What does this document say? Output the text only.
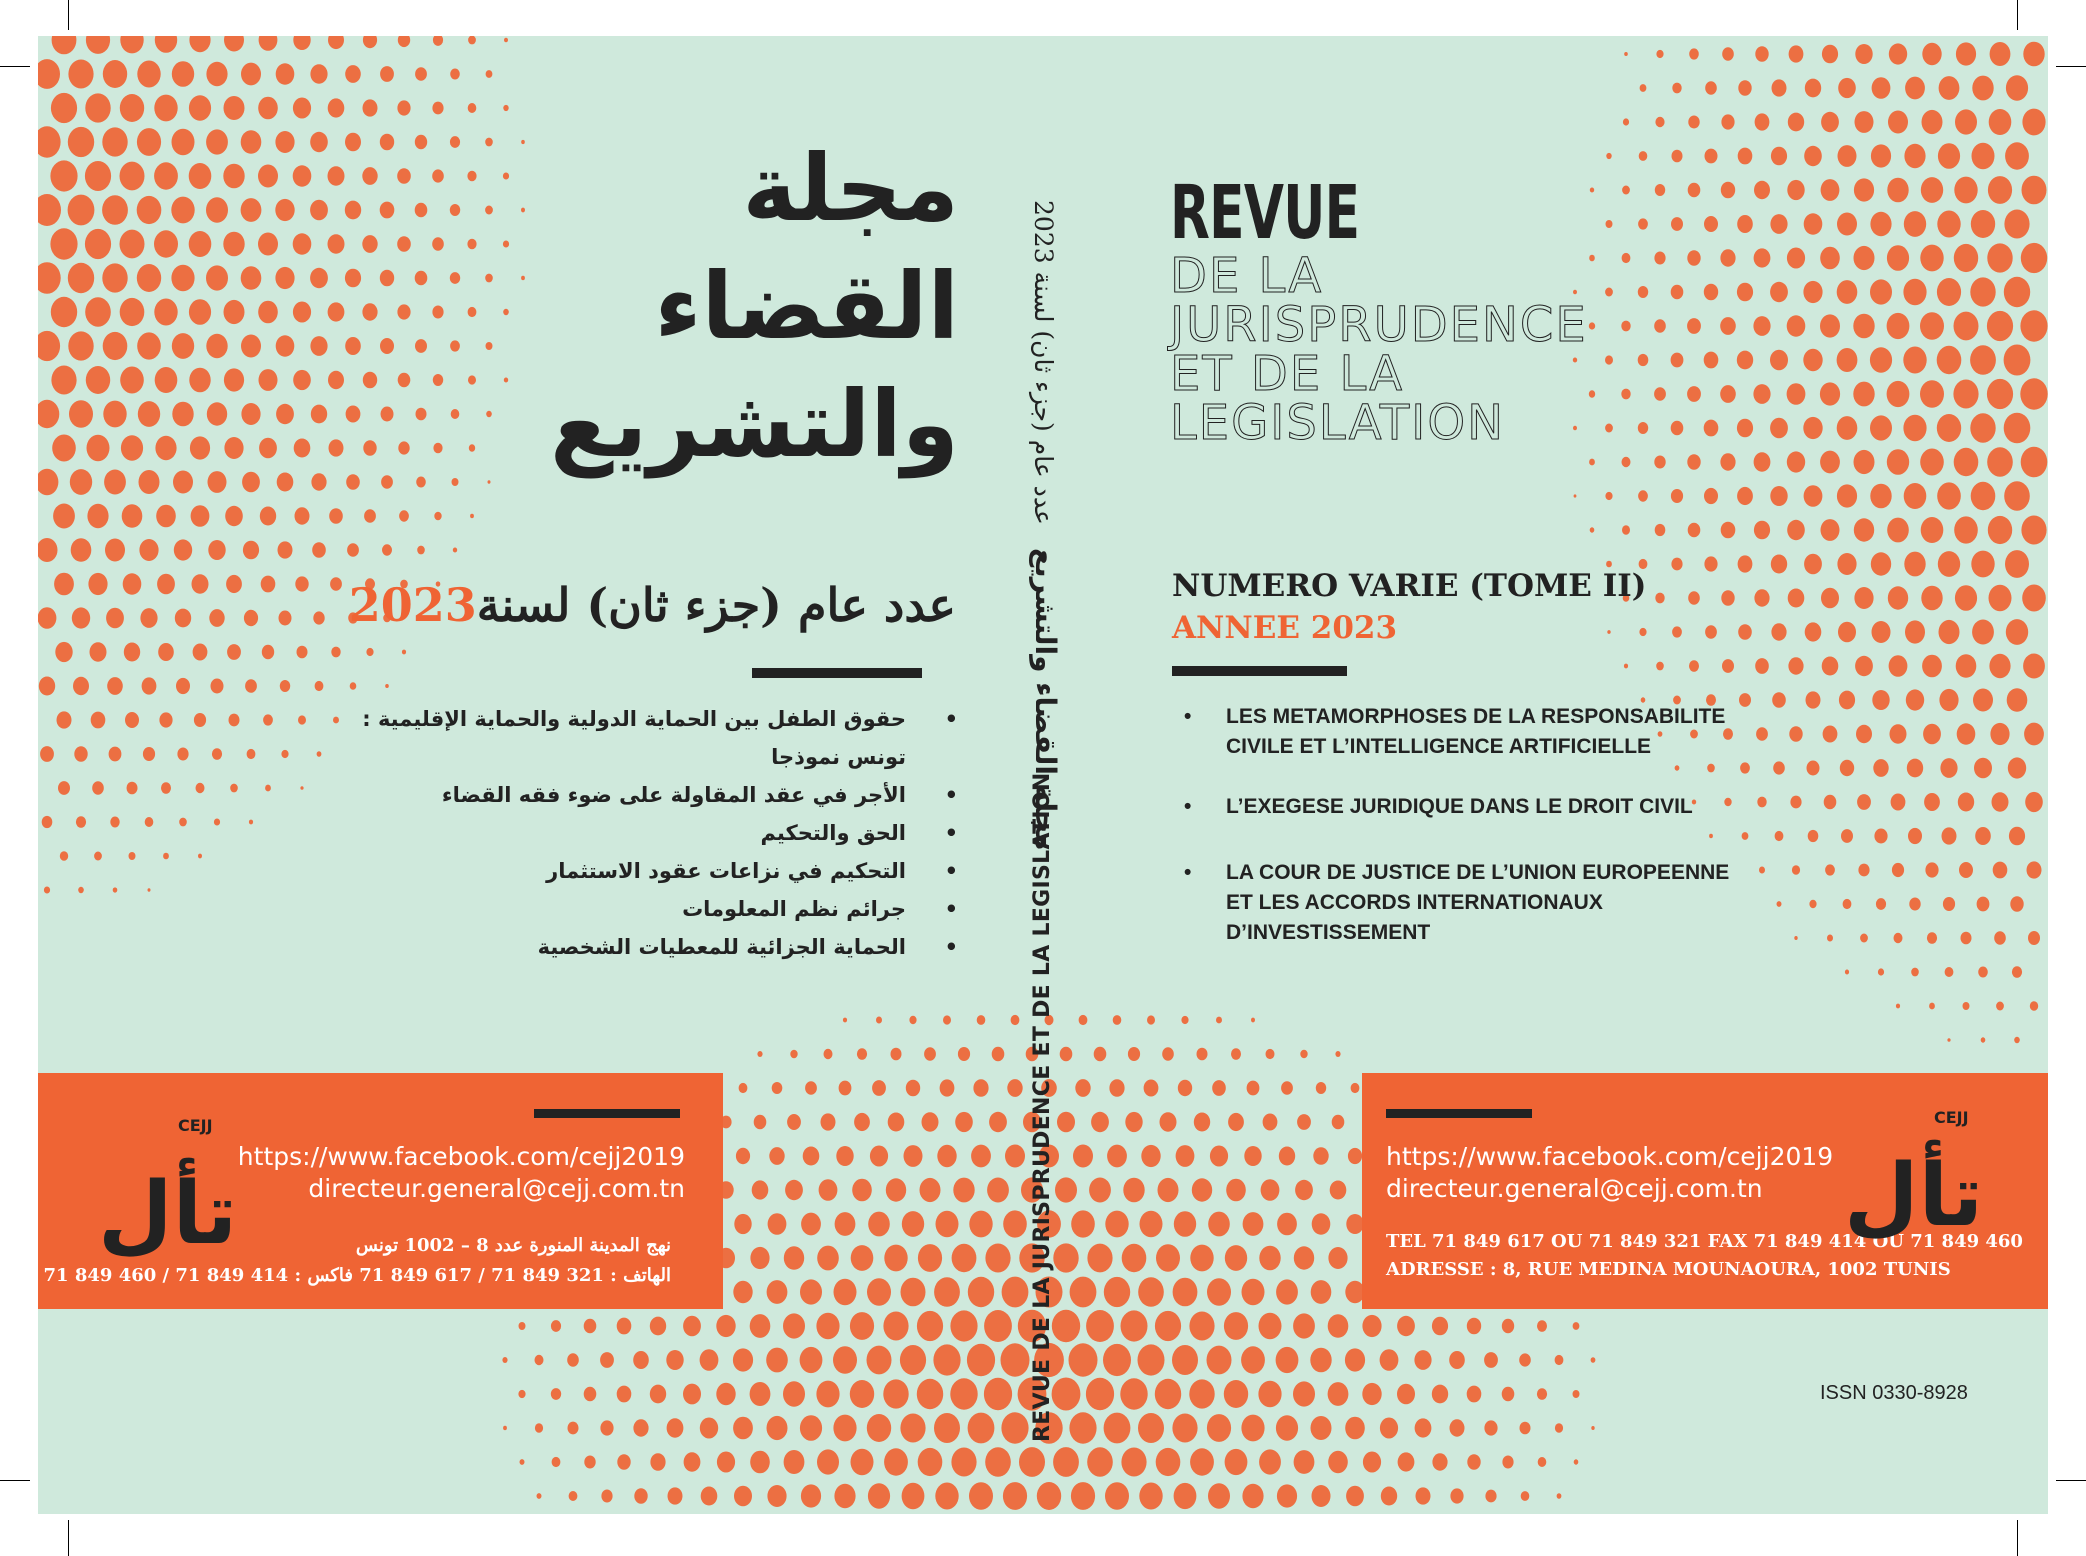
مجلة
القضاء
والتشريع
عدد عام (جزء ثان) لسنة2023
• حقوق الطفل بين الحماية الدولية والحماية الإقليمية :
تونس نموذجا
• الأجر في عقد المقاولة على ضوء فقه القضاء
• الحق والتحكيم
• التحكيم في نزاعات عقود الاستثمار
• جرائم نظم المعلومات
• الحماية الجزائية للمعطيات الشخصية
https://www.facebook.com/cejj2019
directeur.general@cejj.com.tn
نهج المدينة المنورة عدد 8 – 1002 تونس
الهاتف : 321 849 71 / 617 849 71 فاكس : 414 849 71 / 460 849 71
CEJJ
تأل
عدد عام (جزء ثان) لسنة 2023
مجلة القضاء والتشريع
REVUE DE LA JURISPRUDENCE ET DE LA LEGISLATION
REVUE
DE LA
JURISPRUDENCE
ET DE LA
LEGISLATION
NUMERO VARIE (TOME II)
ANNEE 2023
• LES METAMORPHOSES DE LA RESPONSABILITE CIVILE ET L’INTELLIGENCE ARTIFICIELLE
• L’EXEGESE JURIDIQUE DANS LE DROIT CIVIL
• LA COUR DE JUSTICE DE L’UNION EUROPEENNE ET LES ACCORDS INTERNATIONAUX D’INVESTISSEMENT
https://www.facebook.com/cejj2019
directeur.general@cejj.com.tn
TEL 71 849 617 OU 71 849 321 FAX 71 849 414 OU 71 849 460
ADRESSE : 8, RUE MEDINA MOUNAOURA, 1002 TUNIS
CEJJ
تأل
ISSN 0330-8928
